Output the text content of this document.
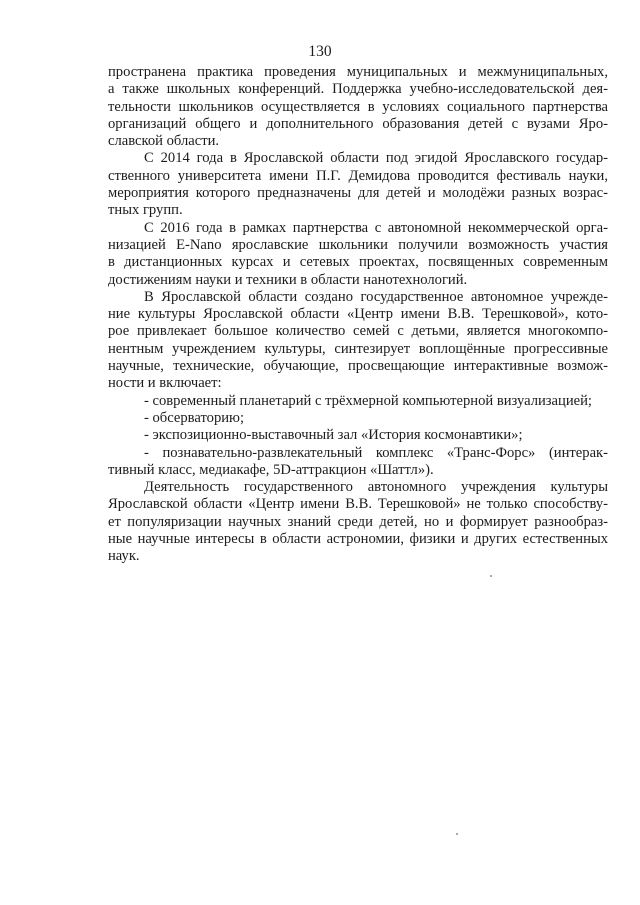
130
пространена практика проведения муниципальных и межмуниципальных,
а также школьных конференций. Поддержка учебно-исследовательской дея-
тельности школьников осуществляется в условиях социального партнерства
организаций общего и дополнительного образования детей с вузами Яро-
славской области.
С 2014 года в Ярославской области под эгидой Ярославского государ-
ственного университета имени П.Г. Демидова проводится фестиваль науки,
мероприятия которого предназначены для детей и молодёжи разных возрас-
тных групп.
С 2016 года в рамках партнерства с автономной некоммерческой орга-
низацией E-Nano ярославские школьники получили возможность участия
в дистанционных курсах и сетевых проектах, посвященных современным
достижениям науки и техники в области нанотехнологий.
В Ярославской области создано государственное автономное учрежде-
ние культуры Ярославской области «Центр имени В.В. Терешковой», кото-
рое привлекает большое количество семей с детьми, является многокомпо-
нентным учреждением культуры, синтезирует воплощённые прогрессивные
научные, технические, обучающие, просвещающие интерактивные возмож-
ности и включает:
- современный планетарий с трёхмерной компьютерной визуализацией;
- обсерваторию;
- экспозиционно-выставочный зал «История космонавтики»;
- познавательно-развлекательный комплекс «Транс-Форс» (интерак-
тивный класс, медиакафе, 5D-аттракцион «Шаттл»).
Деятельность государственного автономного учреждения культуры
Ярославской области «Центр имени В.В. Терешковой» не только способству-
ет популяризации научных знаний среди детей, но и формирует разнообраз-
ные научные интересы в области астрономии, физики и других естественных
наук.
